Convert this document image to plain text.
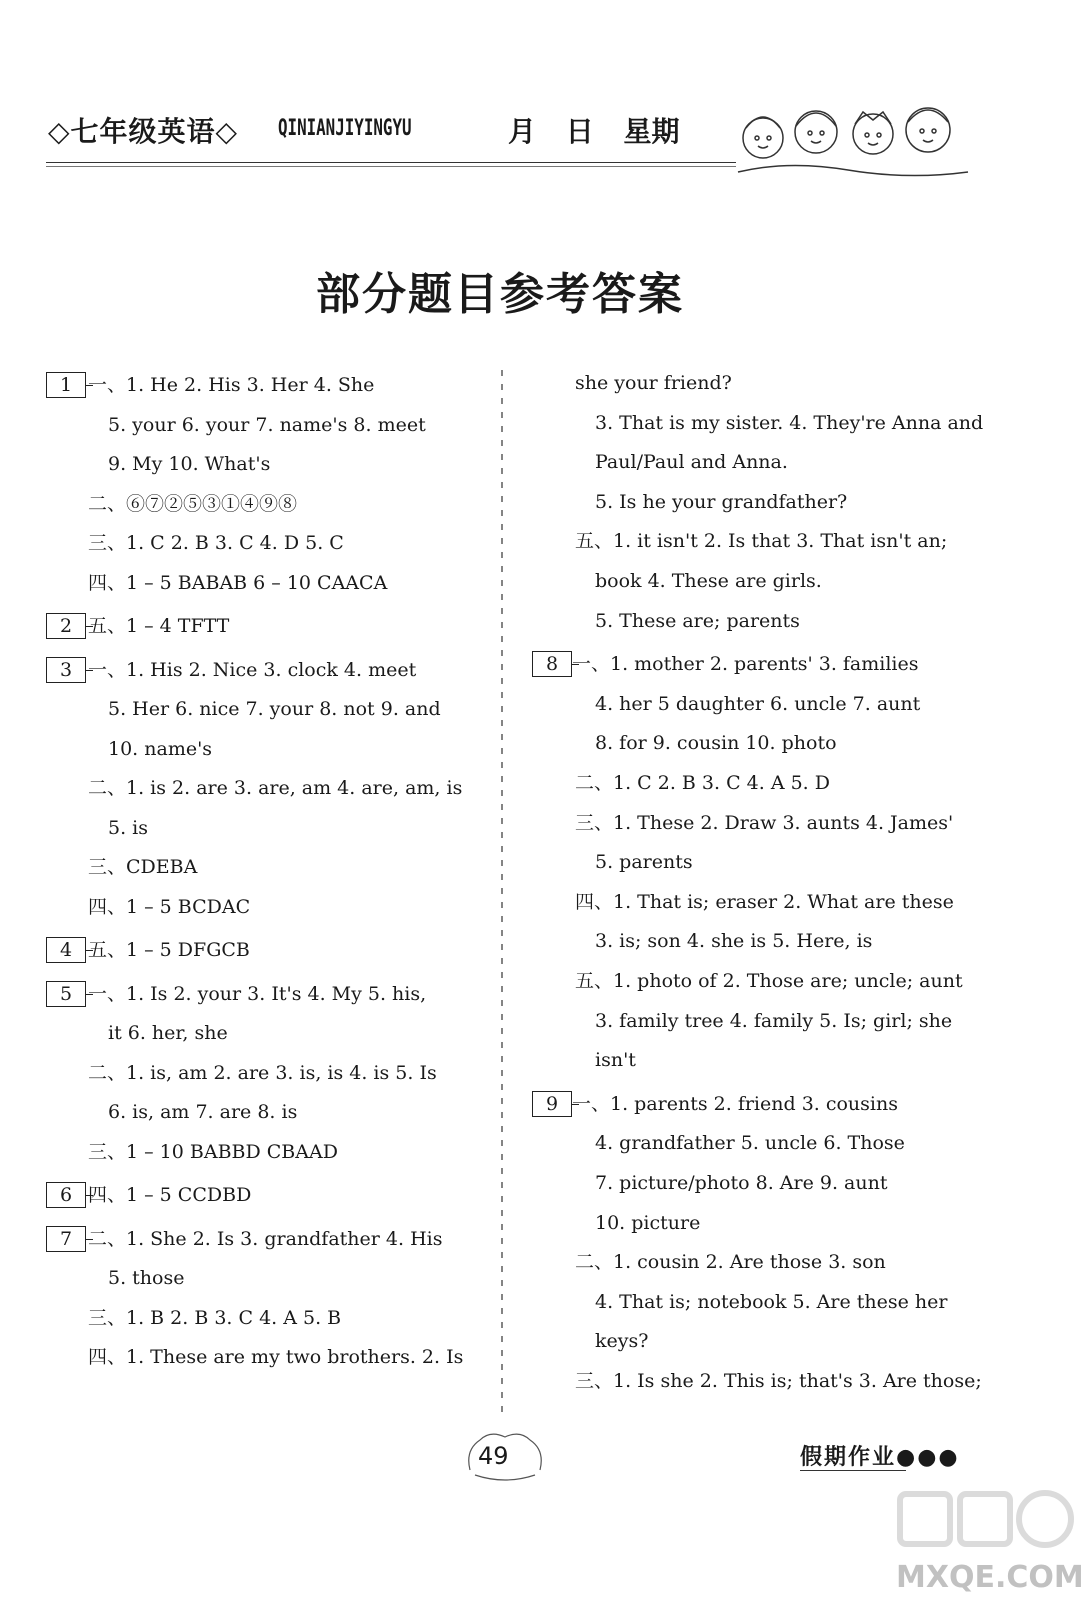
◇七年级英语◇ QINIANJIYINGYU	月 日 星期
部分题目参考答案
1 一、1. He 2. His 3. Her 4. She
5. your 6. your 7. name's 8. meet
9. My 10. What's
二、⑥⑦②⑤③①④⑨⑧
三、1. C 2. B 3. C 4. D 5. C
四、1 – 5 BABAB 6 – 10 CAACA
2 五、1 – 4 TFTT
3 一、1. His 2. Nice 3. clock 4. meet
5. Her 6. nice 7. your 8. not 9. and
10. name's
二、1. is 2. are 3. are, am 4. are, am, is
5. is
三、CDEBA
四、1 – 5 BCDAC
4 五、1 – 5 DFGCB
5 一、1. Is 2. your 3. It's 4. My 5. his,
it 6. her, she
二、1. is, am 2. are 3. is, is 4. is 5. Is
6. is, am 7. are 8. is
三、1 – 10 BABBD CBAAD
6 四、1 – 5 CCDBD
7 二、1. She 2. Is 3. grandfather 4. His
5. those
三、1. B 2. B 3. C 4. A 5. B
四、1. These are my two brothers. 2. Is
she your friend?
3. That is my sister. 4. They're Anna and
Paul/Paul and Anna.
5. Is he your grandfather?
五、1. it isn't 2. Is that 3. That isn't an;
book 4. These are girls.
5. These are; parents
8 一、1. mother 2. parents' 3. families
4. her 5 daughter 6. uncle 7. aunt
8. for 9. cousin 10. photo
二、1. C 2. B 3. C 4. A 5. D
三、1. These 2. Draw 3. aunts 4. James'
5. parents
四、1. That is; eraser 2. What are these
3. is; son 4. she is 5. Here, is
五、1. photo of 2. Those are; uncle; aunt
3. family tree 4. family 5. Is; girl; she
isn't
9 一、1. parents 2. friend 3. cousins
4. grandfather 5. uncle 6. Those
7. picture/photo 8. Are 9. aunt
10. picture
二、1. cousin 2. Are those 3. son
4. That is; notebook 5. Are these her
keys?
三、1. Is she 2. This is; that's 3. Are those;
49	假期作业●●●
MXQE.COM
